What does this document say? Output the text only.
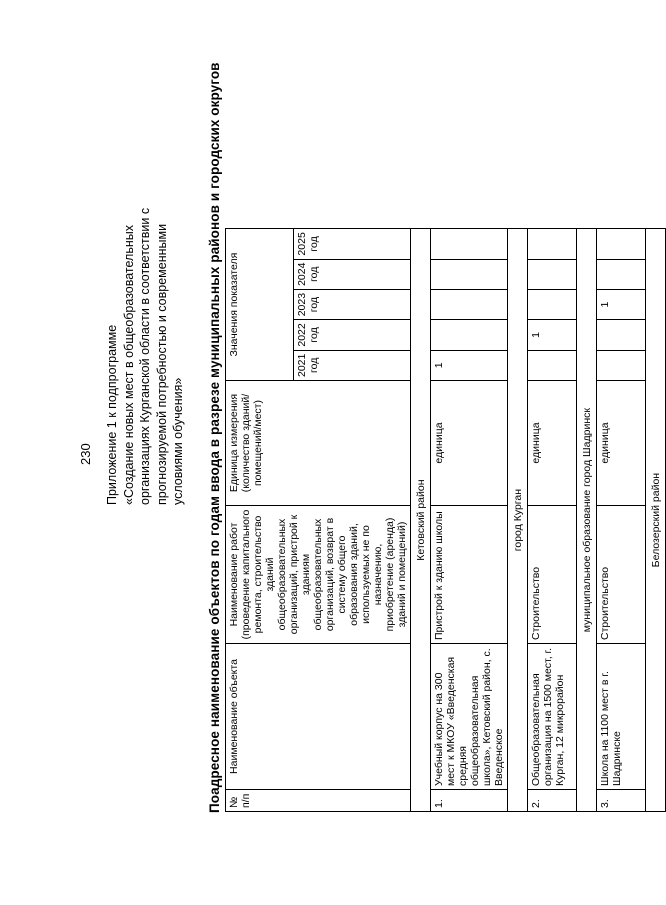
230 Приложение 1 к подпрограмме «Создание новых мест в общеобразовательных организациях Курганской области в соответствии с прогнозируемой потребностью и современными условиями обучения» Поадресное наименование объектов по годам ввода в разрезе муниципальных районов и городских округов № п/п	Наименование объекта	Наименование работ (проведение капитального ремонта, строительство зданий общеобразовательных организаций, пристрой к зданиям общеобразовательных организаций, возврат в систему общего образования зданий, используемых не по назначению, приобретение (аренда) зданий и помещений)	Единица измерения (количество зданий/ помещений/мест)	Значения показателя				
				2021 год	2022 год	2023 год	2024 год	2025 год
Кетовский район								
1.	Учебный корпус на 300 мест к МКОУ «Введенская средняя общеобразовательная школа», Кетовский район, с. Введенское	Пристрой к зданию школы	единица	1				
город Курган								
2.	Общеобразовательная организация на 1500 мест, г. Курган, 12 микрорайон	Строительство	единица		1			
муниципальное образование город Шадринск								
3.	Школа на 1100 мест в г. Шадринске	Строительство	единица			1		
Белозерский район								
